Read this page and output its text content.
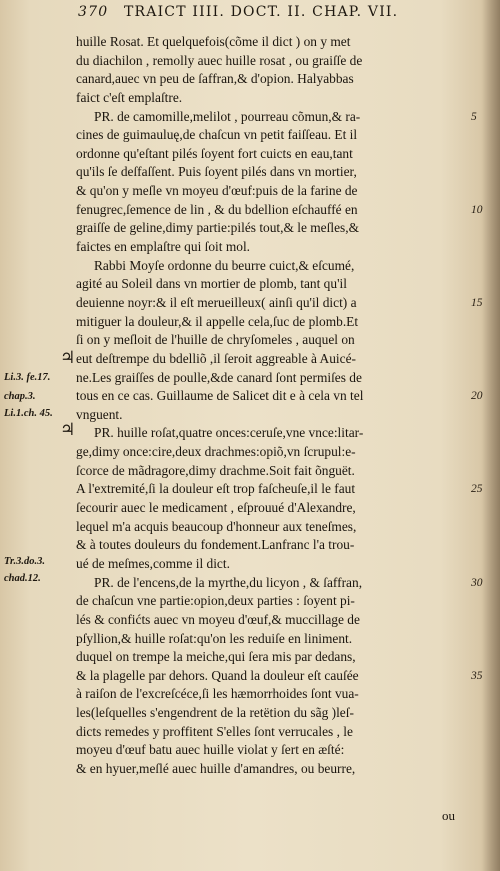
370 TRAICT IIII. DOCT. II. CHAP. VII.
huille Rosat. Et quelquefois(cõme il dict ) on y met
du diachilon , remolly auec huille rosat , ou graiſſe de
canard,auec vn peu de ſaffran,& d'opion. Halyabbas
faict c'eſt emplaſtre.
PR. de camomille,melilot , pourreau cõmun,& ra-	5
cines de guimauluę,de chaſcun vn petit faiſſeau. Et il
ordonne qu'eſtant pilés ſoyent fort cuicts en eau,tant
qu'ils ſe deſfaſſent. Puis ſoyent pilés dans vn mortier,
& qu'on y meſle vn moyeu d'œuf:puis de la farine de
fenugrec,ſemence de lin , & du bdellion eſchauffé en	10
graiſſe de geline,dimy partie:pilés tout,& le meſles,&
faictes en emplaſtre qui ſoit mol.
Rabbi Moyſe ordonne du beurre cuict,& eſcumé,
agité au Soleil dans vn mortier de plomb, tant qu'il
deuienne noyr:& il eſt merueilleux( ainſi qu'il dict) a	15
mitiguer la douleur,& il appelle cela,ſuc de plomb.Et
ſi on y meſloit de l'huille de chryſomeles , auquel on
eut deſtrempe du bdelliõ ,il ſeroit aggreable à Auicé-
ne.Les graiſſes de poulle,&de canard ſont permiſes de
tous en ce cas. Guillaume de Salicet dit e à cela vn tel	20
vnguent.
PR. huille roſat,quatre onces:ceruſe,vne vnce:litar-
ge,dimy once:cire,deux drachmes:opiõ,vn ſcrupul:e-
ſcorce de mãdragore,dimy drachme.Soit fait õnguët.
A l'extremité,ſi la douleur eſt trop faſcheuſe,il le faut	25
ſecourir auec le medicament , eſprouué d'Alexandre,
lequel m'a acquis beaucoup d'honneur aux teneſmes,
& à toutes douleurs du fondement.Lanfranc l'a trou-
ué de meſmes,comme il dict.
PR. de l'encens,de la myrthe,du licyon , & ſaffran,	30
de chaſcun vne partie:opion,deux parties : ſoyent pi-
lés & confićts auec vn moyeu d'œuf,& muccillage de
pſyllion,& huille roſat:qu'on les reduiſe en liniment.
duquel on trempe la meiche,qui ſera mis par dedans,
& la plagelle par dehors. Quand la douleur eſt cauſée	35
à raiſon de l'excreſcéce,ſi les hæmorrhoides ſont vua-
les(leſquelles s'engendrent de la retëtion du sãg )leſ-
dicts remedes y proffitent S'elles ſont verrucales , le
moyeu d'œuf batu auec huille violat y ſert en æſté:
& en hyuer,meſlé auec huille d'amandres, ou beurre,
Li.3. fe.17.
chap.3.
Li.1.ch. 45.
Tr.3.do.3.
chad.12.
♃
♃
ou
